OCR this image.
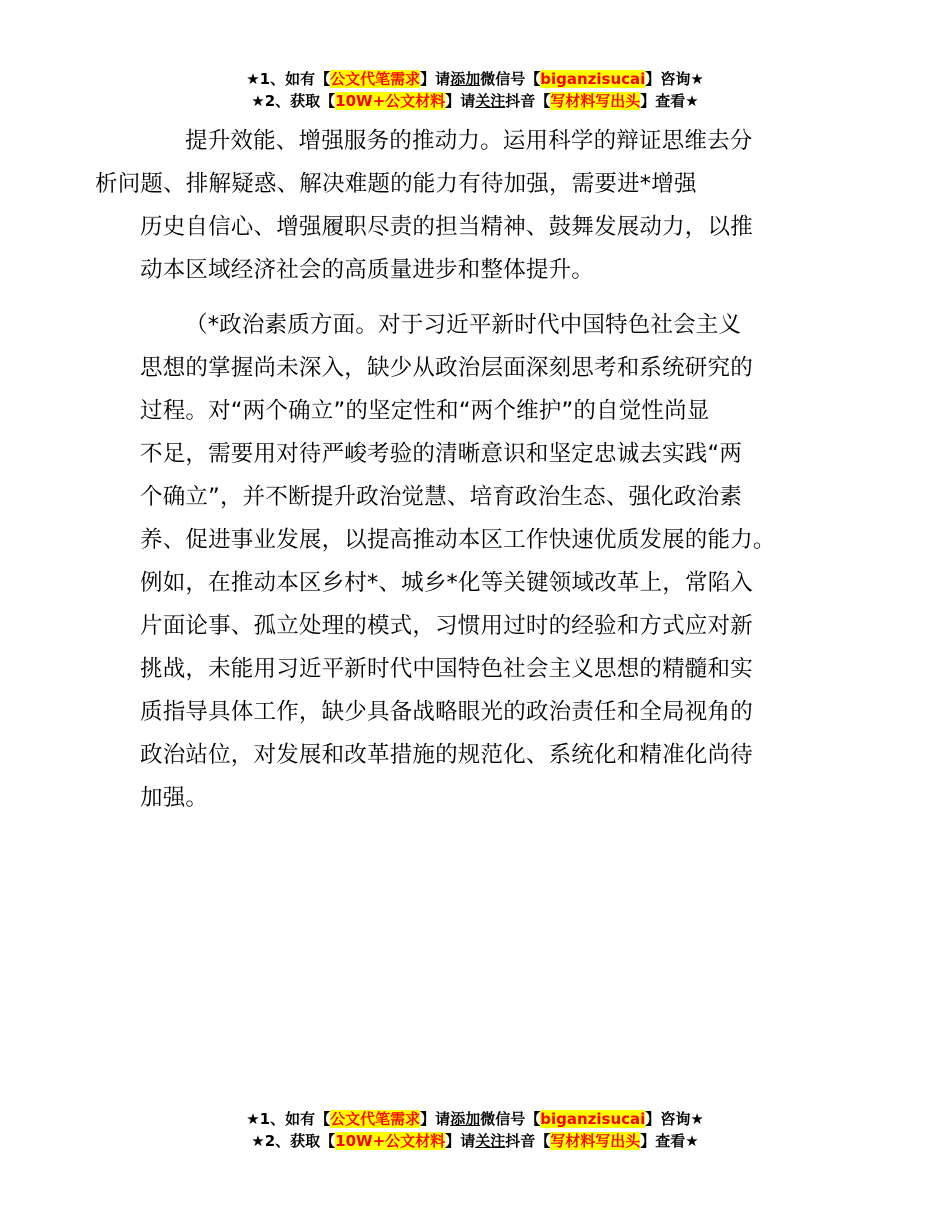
★1、如有【公文代笔需求】请添加微信号【biganzisucai】咨询★
★2、获取【10W+公文材料】请关注抖音【写材料写出头】查看★

提升效能、增强服务的推动力。运用科学的辩证思维去分
析问题、排解疑惑、解决难题的能力有待加强，需要进*增强
历史自信心、增强履职尽责的担当精神、鼓舞发展动力，以推
动本区域经济社会的高质量进步和整体提升。

（*政治素质方面。对于习近平新时代中国特色社会主义
思想的掌握尚未深入，缺少从政治层面深刻思考和系统研究的
过程。对“两个确立”的坚定性和“两个维护”的自觉性尚显
不足，需要用对待严峻考验的清晰意识和坚定忠诚去实践“两
个确立”，并不断提升政治觉慧、培育政治生态、强化政治素
养、促进事业发展，以提高推动本区工作快速优质发展的能力。
例如，在推动本区乡村*、城乡*化等关键领域改革上，常陷入
片面论事、孤立处理的模式，习惯用过时的经验和方式应对新
挑战，未能用习近平新时代中国特色社会主义思想的精髓和实
质指导具体工作，缺少具备战略眼光的政治责任和全局视角的
政治站位，对发展和改革措施的规范化、系统化和精准化尚待
加强。

★1、如有【公文代笔需求】请添加微信号【biganzisucai】咨询★
★2、获取【10W+公文材料】请关注抖音【写材料写出头】查看★
